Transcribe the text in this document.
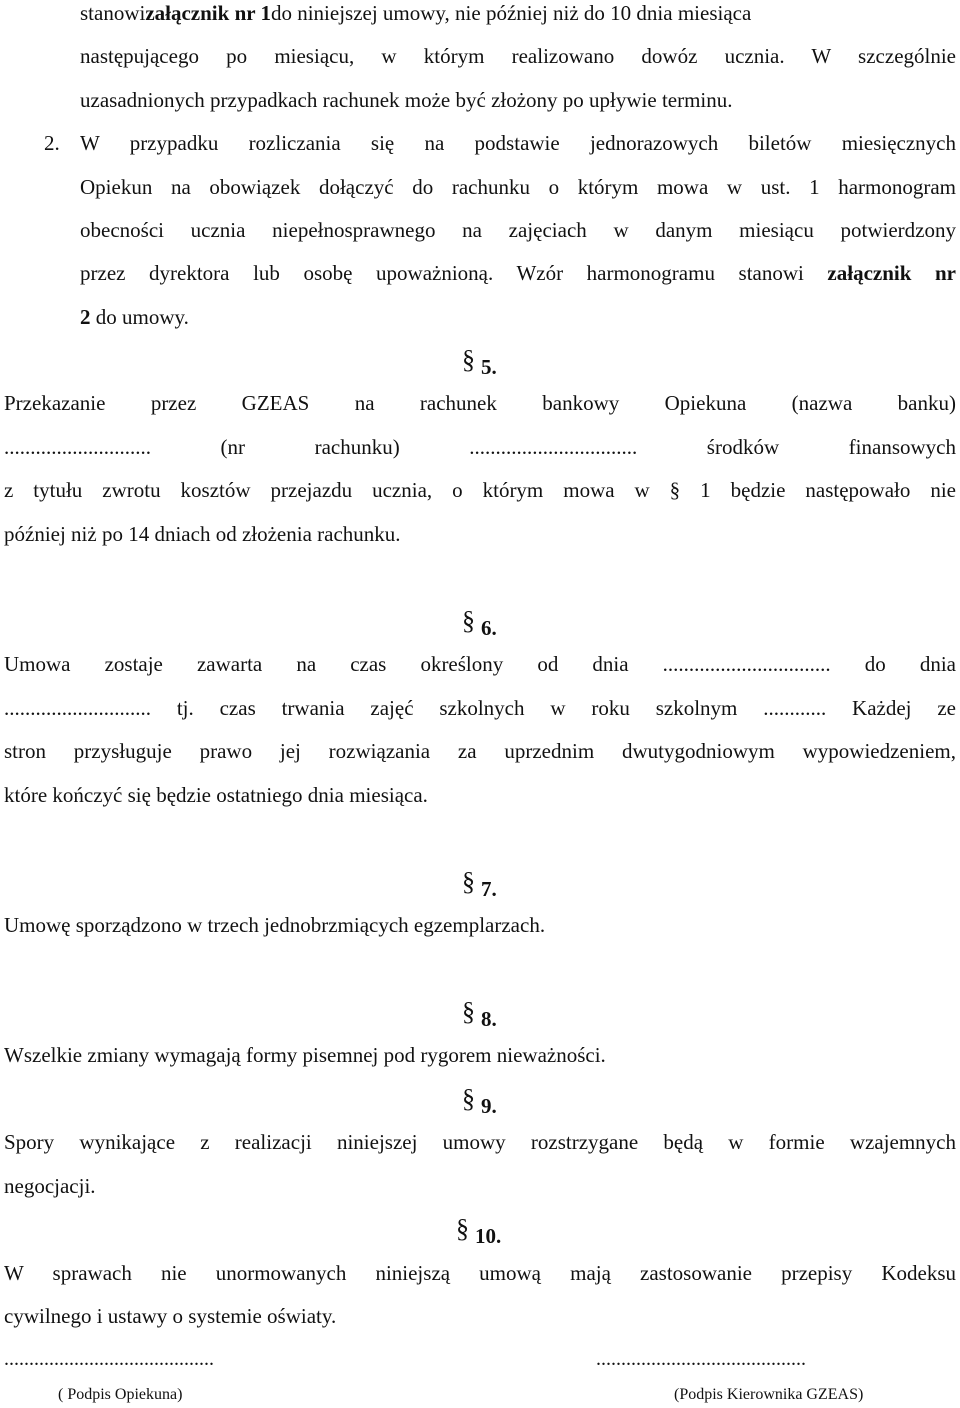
stanowizałącznik nr 1do niniejszej umowy, nie później niż do 10 dnia miesiąca
następującego po miesiącu, w którym realizowano dowóz ucznia. W szczególnie
uzasadnionych przypadkach rachunek może być złożony po upływie terminu.
2. W przypadku rozliczania się na podstawie jednorazowych biletów miesięcznych
Opiekun na obowiązek dołączyć do rachunku o którym mowa w ust. 1 harmonogram
obecności ucznia niepełnosprawnego na zajęciach w danym miesiącu potwierdzony
przez dyrektora lub osobę upoważnioną. Wzór harmonogramu stanowi załącznik nr
2 do umowy.
§ 5.
Przekazanie przez GZEAS na rachunek bankowy Opiekuna (nazwa banku)
............................ (nr rachunku) ................................ środków finansowych
z tytułu zwrotu kosztów przejazdu ucznia, o którym mowa w § 1 będzie następowało nie
później niż po 14 dniach od złożenia rachunku.
§ 6.
Umowa zostaje zawarta na czas określony od dnia ................................ do dnia
............................ tj. czas trwania zajęć szkolnych w roku szkolnym ............ Każdej ze
stron przysługuje prawo jej rozwiązania za uprzednim dwutygodniowym wypowiedzeniem,
które kończyć się będzie ostatniego dnia miesiąca.
§ 7.
Umowę sporządzono w trzech jednobrzmiących egzemplarzach.
§ 8.
Wszelkie zmiany wymagają formy pisemnej pod rygorem nieważności.
§ 9.
Spory wynikające z realizacji niniejszej umowy rozstrzygane będą w formie wzajemnych
negocjacji.
§ 10.
W sprawach nie unormowanych niniejszą umową mają zastosowanie przepisy Kodeksu
cywilnego i ustawy o systemie oświaty.
..........................................	..........................................
( Podpis Opiekuna)	(Podpis Kierownika GZEAS)
